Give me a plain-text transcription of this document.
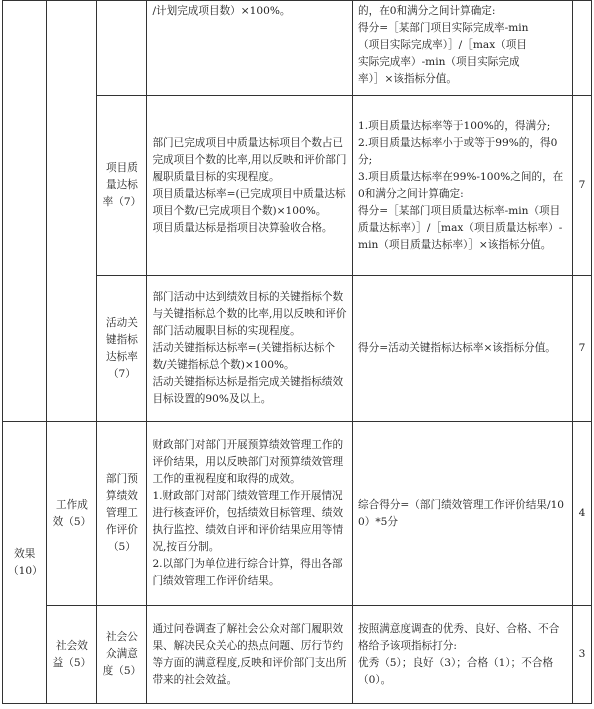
			/计划完成项目数）×100%。	的，在0和满分之间计算确定:
得分=［某部门项目实际完成率-min
（项目实际完成率）］/［max（项目
实际完成率）-min（项目实际完成
率）］×该指标分值。	

		项目质量达标率（7）	部门已完成项目中质量达标项目个数占已完成项目个数的比率,用以反映和评价部门履职质量目标的实现程度。
项目质量达标率=(已完成项目中质量达标项目个数/已完成项目个数)×100%。
项目质量达标是指项目决算验收合格。	1.项目质量达标率等于100%的，得满分;
2.项目质量达标率小于或等于99%的，得0分;
3.项目质量达标率在99%-100%之间的，在0和满分之间计算确定:
得分=［某部门项目质量达标率-min（项目质量达标率）］/［max（项目质量达标率）-min（项目质量达标率）］×该指标分值。	7
		活动关键指标达标率（7）	部门活动中达到绩效目标的关键指标个数与关键指标总个数的比率,用以反映和评价部门活动履职目标的实现程度。
活动关键指标达标率=(关键指标达标个数/关键指标总个数)×100%。
活动关键指标达标是指完成关键指标绩效目标设置的90%及以上。	得分=活动关键指标达标率×该指标分值。	7
效果（10）	工作成效（5）	部门预算绩效管理工作评价（5）	财政部门对部门开展预算绩效管理工作的评价结果，用以反映部门对预算绩效管理工作的重视程度和取得的成效。
1.财政部门对部门绩效管理工作开展情况进行核查评价，包括绩效目标管理、绩效执行监控、绩效自评和评价结果应用等情况,按百分制。
2.以部门为单位进行综合计算，得出各部门绩效管理工作评价结果。	综合得分=（部门绩效管理工作评价结果/100）*5分	4
	社会效益（5）	社会公众满意度（5）	通过问卷调查了解社会公众对部门履职效果、解决民众关心的热点问题、厉行节约等方面的满意程度,反映和评价部门支出所带来的社会效益。	按照满意度调查的优秀、良好、合格、不合格给予该项指标打分:
优秀（5）；良好（3）；合格（1）；不合格（0）。	3
